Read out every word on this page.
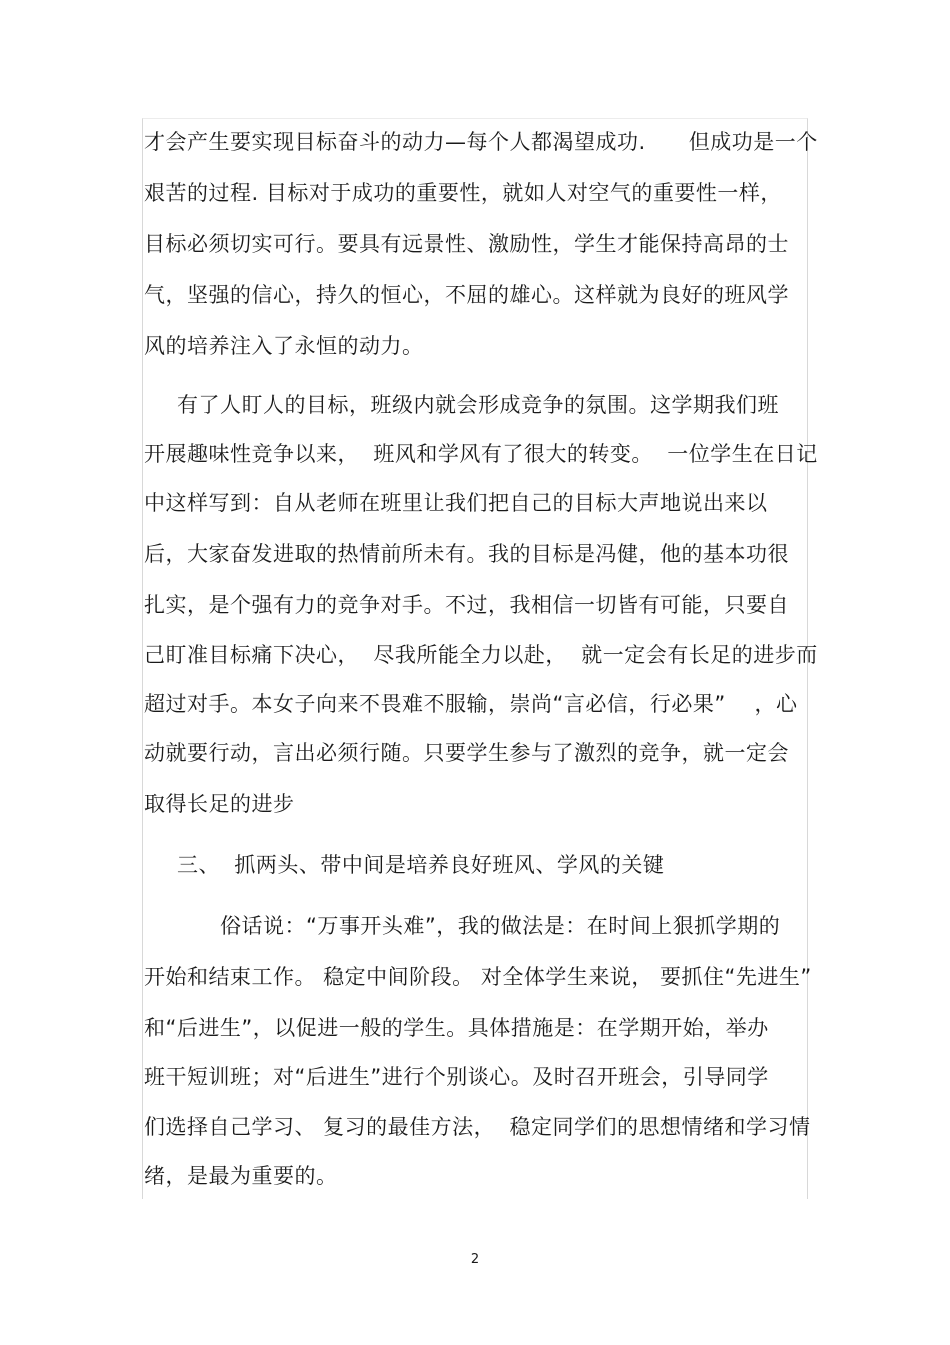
才会产生要实现目标奋斗的动力—每个人都渴望成功.      但成功是一个
艰苦的过程. 目标对于成功的重要性，就如人对空气的重要性一样，
目标必须切实可行。要具有远景性、激励性，学生才能保持高昂的士
气，坚强的信心，持久的恒心，不屈的雄心。这样就为良好的班风学
风的培养注入了永恒的动力。
有了人盯人的目标，班级内就会形成竞争的氛围。这学期我们班
开展趣味性竞争以来，  班风和学风有了很大的转变。  一位学生在日记
中这样写到：自从老师在班里让我们把自己的目标大声地说出来以
后，大家奋发进取的热情前所未有。我的目标是冯健，他的基本功很
扎实，是个强有力的竞争对手。不过，我相信一切皆有可能，只要自
己盯准目标痛下决心，  尽我所能全力以赴，  就一定会有长足的进步而
超过对手。本女子向来不畏难不服输，崇尚“言必信，行必果”    ，心
动就要行动，言出必须行随。只要学生参与了激烈的竞争，就一定会
取得长足的进步
三、  抓两头、带中间是培养良好班风、学风的关键
俗话说：“万事开头难”，我的做法是：在时间上狠抓学期的
开始和结束工作。 稳定中间阶段。 对全体学生来说， 要抓住“先进生”
和“后进生”，以促进一般的学生。具体措施是：在学期开始，举办
班干短训班；对“后进生”进行个别谈心。及时召开班会，引导同学
们选择自己学习、 复习的最佳方法，  稳定同学们的思想情绪和学习情
绪，是最为重要的。
2
